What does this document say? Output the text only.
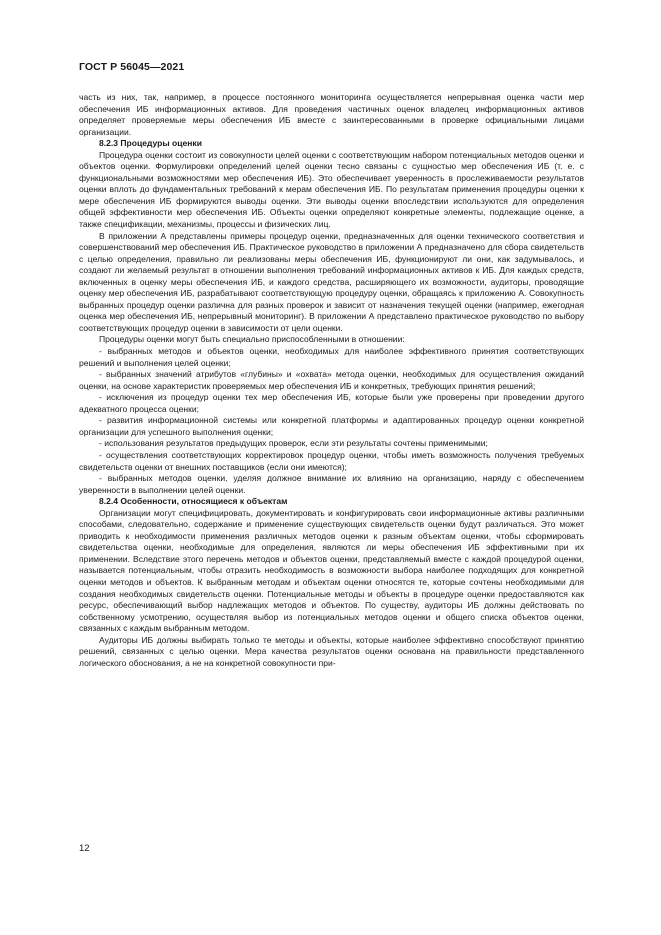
ГОСТ Р 56045—2021

часть из них, так, например, в процессе постоянного мониторинга осуществляется непрерывная оценка части мер обеспечения ИБ информационных активов. Для проведения частичных оценок владелец информационных активов определяет проверяемые меры обеспечения ИБ вместе с заинтересованными в проверке официальными лицами организации.

8.2.3 Процедуры оценки

Процедура оценки состоит из совокупности целей оценки с соответствующим набором потенциальных методов оценки и объектов оценки. Формулировки определений целей оценки тесно связаны с сущностью мер обеспечения ИБ (т. е. с функциональными возможностями мер обеспечения ИБ). Это обеспечивает уверенность в прослеживаемости результатов оценки вплоть до фундаментальных требований к мерам обеспечения ИБ. По результатам применения процедуры оценки к мере обеспечения ИБ формируются выводы оценки. Эти выводы оценки впоследствии используются для определения общей эффективности мер обеспечения ИБ. Объекты оценки определяют конкретные элементы, подлежащие оценке, а также спецификации, механизмы, процессы и физических лиц.

В приложении А представлены примеры процедур оценки, предназначенных для оценки технического соответствия и совершенствований мер обеспечения ИБ. Практическое руководство в приложении А предназначено для сбора свидетельств с целью определения, правильно ли реализованы меры обеспечения ИБ, функционируют ли они, как задумывалось, и создают ли желаемый результат в отношении выполнения требований информационных активов к ИБ. Для каждых средств, включенных в оценку меры обеспечения ИБ, и каждого средства, расширяющего их возможности, аудиторы, проводящие оценку мер обеспечения ИБ, разрабатывают соответствующую процедуру оценки, обращаясь к приложению А. Совокупность выбранных процедур оценки различна для разных проверок и зависит от назначения текущей оценки (например, ежегодная оценка мер обеспечения ИБ, непрерывный мониторинг). В приложении А представлено практическое руководство по выбору соответствующих процедур оценки в зависимости от цели оценки.

Процедуры оценки могут быть специально приспособленными в отношении:

- выбранных методов и объектов оценки, необходимых для наиболее эффективного принятия соответствующих решений и выполнения целей оценки;

- выбранных значений атрибутов «глубины» и «охвата» метода оценки, необходимых для осуществления ожиданий оценки, на основе характеристик проверяемых мер обеспечения ИБ и конкретных, требующих принятия решений;

- исключения из процедур оценки тех мер обеспечения ИБ, которые были уже проверены при проведении другого адекватного процесса оценки;

- развития информационной системы или конкретной платформы и адаптированных процедур оценки конкретной организации для успешного выполнения оценки;

- использования результатов предыдущих проверок, если эти результаты сочтены применимыми;

- осуществления соответствующих корректировок процедур оценки, чтобы иметь возможность получения требуемых свидетельств оценки от внешних поставщиков (если они имеются);

- выбранных методов оценки, уделяя должное внимание их влиянию на организацию, наряду с обеспечением уверенности в выполнении целей оценки.

8.2.4 Особенности, относящиеся к объектам

Организации могут специфицировать, документировать и конфигурировать свои информационные активы различными способами, следовательно, содержание и применение существующих свидетельств оценки будут различаться. Это может приводить к необходимости применения различных методов оценки к разным объектам оценки, чтобы сформировать свидетельства оценки, необходимые для определения, являются ли меры обеспечения ИБ эффективными при их применении. Вследствие этого перечень методов и объектов оценки, представляемый вместе с каждой процедурой оценки, называется потенциальным, чтобы отразить необходимость в возможности выбора наиболее подходящих для конкретной оценки методов и объектов. К выбранным методам и объектам оценки относятся те, которые сочтены необходимыми для создания необходимых свидетельств оценки. Потенциальные методы и объекты в процедуре оценки предоставляются как ресурс, обеспечивающий выбор надлежащих методов и объектов. По существу, аудиторы ИБ должны действовать по собственному усмотрению, осуществляя выбор из потенциальных методов оценки и общего списка объектов оценки, связанных с каждым выбранным методом.

Аудиторы ИБ должны выбирать только те методы и объекты, которые наиболее эффективно способствуют принятию решений, связанных с целью оценки. Мера качества результатов оценки основана на правильности представленного логического обоснования, а не на конкретной совокупности при-

12
